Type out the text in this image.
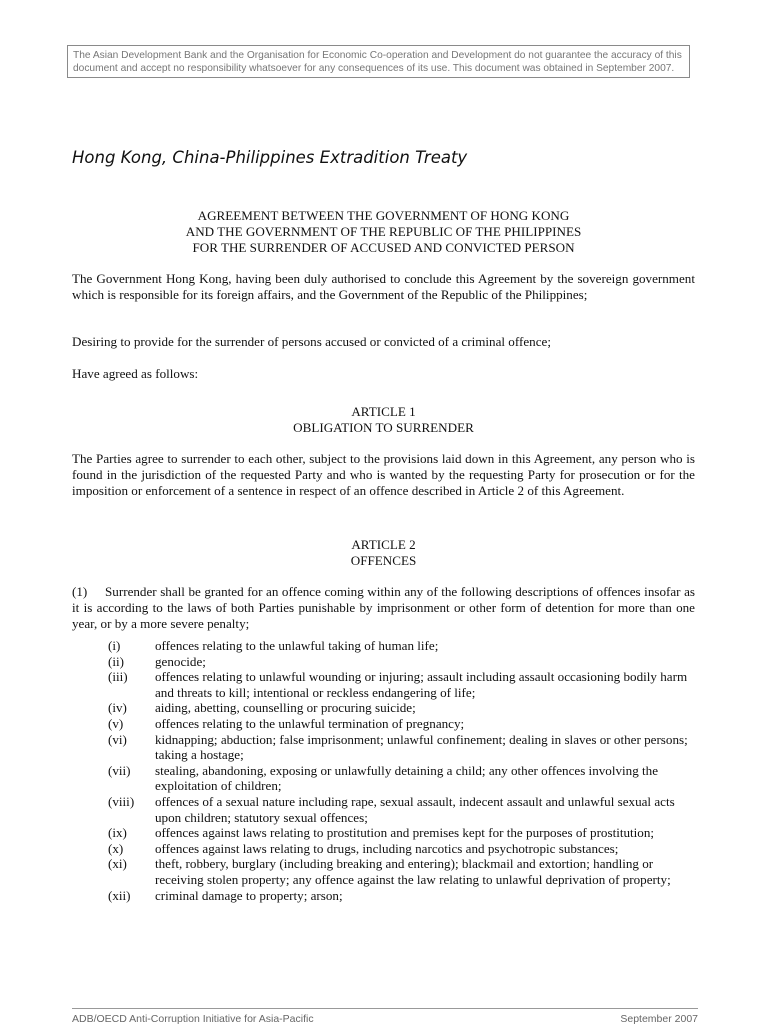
The Asian Development Bank and the Organisation for Economic Co-operation and Development do not guarantee the accuracy of this document and accept no responsibility whatsoever for any consequences of its use. This document was obtained in September 2007.
Hong Kong, China-Philippines Extradition Treaty
AGREEMENT BETWEEN THE GOVERNMENT OF HONG KONG
AND THE GOVERNMENT OF THE REPUBLIC OF THE PHILIPPINES
FOR THE SURRENDER OF ACCUSED AND CONVICTED PERSON

The Government Hong Kong, having been duly authorised to conclude this Agreement by the sovereign government which is responsible for its foreign affairs, and the Government of the Republic of the Philippines;

Desiring to provide for the surrender of persons accused or convicted of a criminal offence;

Have agreed as follows:

ARTICLE 1
OBLIGATION TO SURRENDER

The Parties agree to surrender to each other, subject to the provisions laid down in this Agreement, any person who is found in the jurisdiction of the requested Party and who is wanted by the requesting Party for prosecution or for the imposition or enforcement of a sentence in respect of an offence described in Article 2 of this Agreement.

ARTICLE 2
OFFENCES

(1)     Surrender shall be granted for an offence coming within any of the following descriptions of offences insofar as it is according to the laws of both Parties punishable by imprisonment or other form of detention for more than one year, or by a more severe penalty;

(i)	offences relating to the unlawful taking of human life;
(ii)	genocide;
(iii)	offences relating to unlawful wounding or injuring; assault including assault occasioning bodily harm and threats to kill; intentional or reckless endangering of life;
(iv)	aiding, abetting, counselling or procuring suicide;
(v)	offences relating to the unlawful termination of pregnancy;
(vi)	kidnapping; abduction; false imprisonment; unlawful confinement; dealing in slaves or other persons; taking a hostage;
(vii)	stealing, abandoning, exposing or unlawfully detaining a child; any other offences involving the exploitation of children;
(viii)	offences of a sexual nature including rape, sexual assault, indecent assault and unlawful sexual acts upon children; statutory sexual offences;
(ix)	offences against laws relating to prostitution and premises kept for the purposes of prostitution;
(x)	offences against laws relating to drugs, including narcotics and psychotropic substances;
(xi)	theft, robbery, burglary (including breaking and entering); blackmail and extortion; handling or receiving stolen property; any offence against the law relating to unlawful deprivation of property;
(xii)	criminal damage to property; arson;
ADB/OECD Anti-Corruption Initiative for Asia-Pacific	September 2007
